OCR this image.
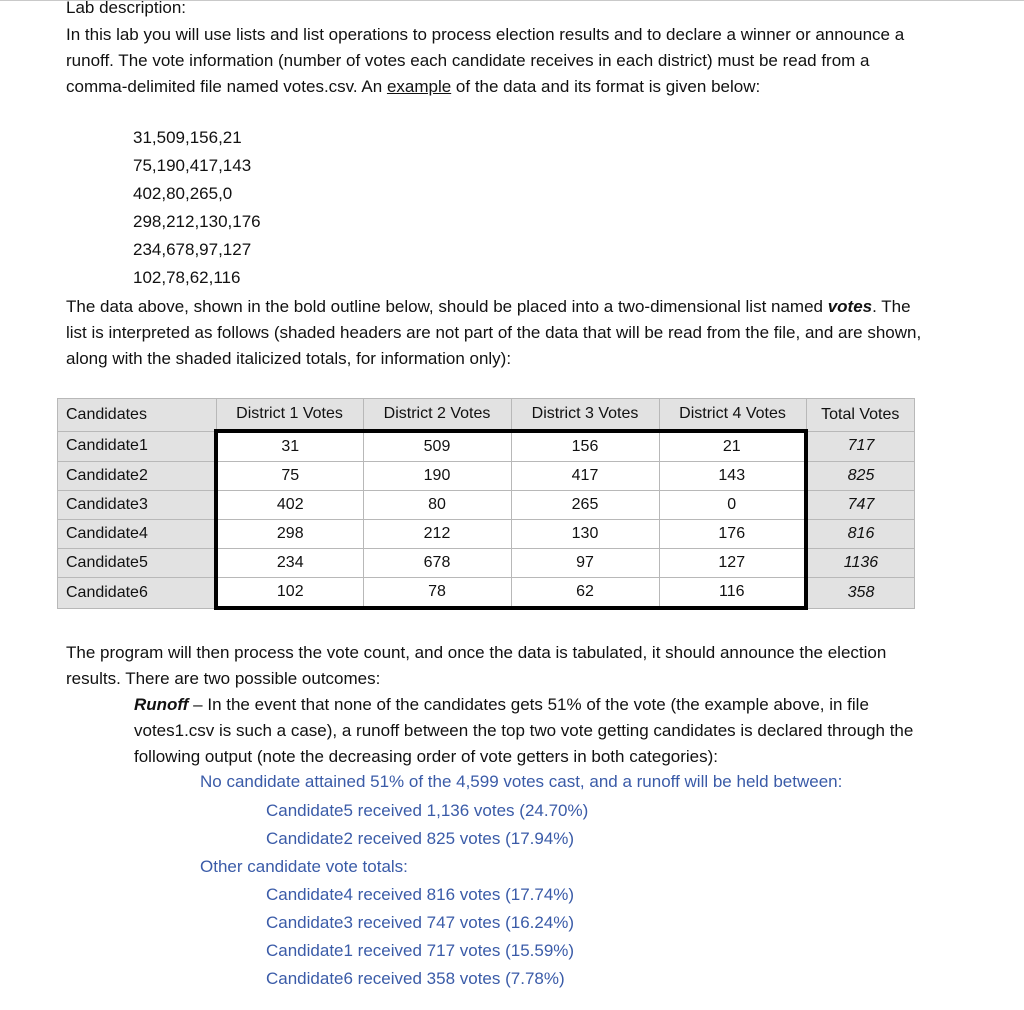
Lab description:
In this lab you will use lists and list operations to process election results and to declare a winner or announce a runoff. The vote information (number of votes each candidate receives in each district) must be read from a comma-delimited file named votes.csv. An example of the data and its format is given below:
31,509,156,21
75,190,417,143
402,80,265,0
298,212,130,176
234,678,97,127
102,78,62,116
The data above, shown in the bold outline below, should be placed into a two-dimensional list named votes. The list is interpreted as follows (shaded headers are not part of the data that will be read from the file, and are shown, along with the shaded italicized totals, for information only):
Candidates	District 1 Votes	District 2 Votes	District 3 Votes	District 4 Votes	Total Votes
Candidate1	31	509	156	21	717
Candidate2	75	190	417	143	825
Candidate3	402	80	265	0	747
Candidate4	298	212	130	176	816
Candidate5	234	678	97	127	1136
Candidate6	102	78	62	116	358
The program will then process the vote count, and once the data is tabulated, it should announce the election results. There are two possible outcomes:
Runoff – In the event that none of the candidates gets 51% of the vote (the example above, in file votes1.csv is such a case), a runoff between the top two vote getting candidates is declared through the following output (note the decreasing order of vote getters in both categories):
No candidate attained 51% of the 4,599 votes cast, and a runoff will be held between:
Candidate5 received 1,136 votes (24.70%)
Candidate2 received 825 votes (17.94%)
Other candidate vote totals:
Candidate4 received 816 votes (17.74%)
Candidate3 received 747 votes (16.24%)
Candidate1 received 717 votes (15.59%)
Candidate6 received 358 votes (7.78%)
